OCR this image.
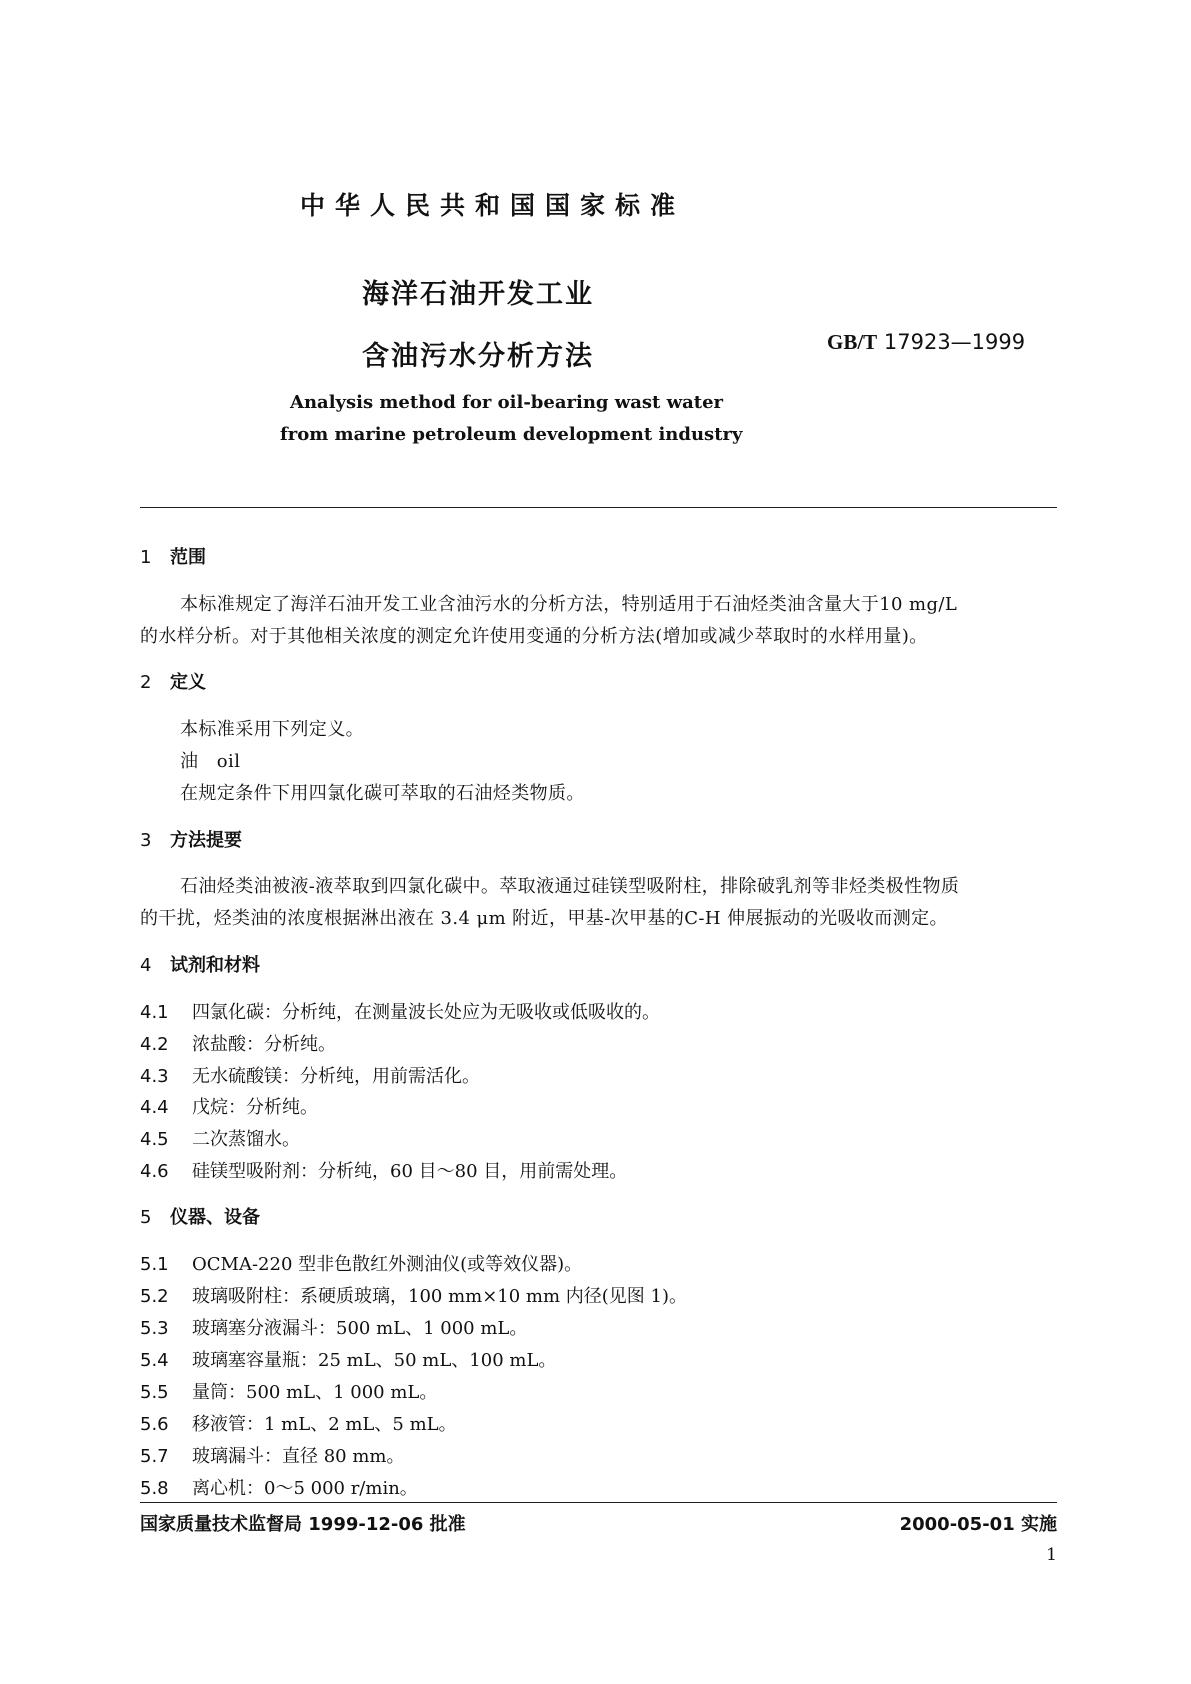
中华人民共和国国家标准
海洋石油开发工业
含油污水分析方法	GB/T 17923—1999
Analysis method for oil-bearing wast water
from marine petroleum development industry
1 范围
本标准规定了海洋石油开发工业含油污水的分析方法，特别适用于石油烃类油含量大于10 mg/L
的水样分析。对于其他相关浓度的测定允许使用变通的分析方法(增加或减少萃取时的水样用量)。
2 定义
本标准采用下列定义。
油　oil
在规定条件下用四氯化碳可萃取的石油烃类物质。
3 方法提要
石油烃类油被液-液萃取到四氯化碳中。萃取液通过硅镁型吸附柱，排除破乳剂等非烃类极性物质
的干扰，烃类油的浓度根据淋出液在 3.4 μm 附近，甲基-次甲基的C-H 伸展振动的光吸收而测定。
4 试剂和材料
4.1 四氯化碳：分析纯，在测量波长处应为无吸收或低吸收的。
4.2 浓盐酸：分析纯。
4.3 无水硫酸镁：分析纯，用前需活化。
4.4 戊烷：分析纯。
4.5 二次蒸馏水。
4.6 硅镁型吸附剂：分析纯，60 目～80 目，用前需处理。
5 仪器、设备
5.1 OCMA-220 型非色散红外测油仪(或等效仪器)。
5.2 玻璃吸附柱：系硬质玻璃，100 mm×10 mm 内径(见图 1)。
5.3 玻璃塞分液漏斗：500 mL、1 000 mL。
5.4 玻璃塞容量瓶：25 mL、50 mL、100 mL。
5.5 量筒：500 mL、1 000 mL。
5.6 移液管：1 mL、2 mL、5 mL。
5.7 玻璃漏斗：直径 80 mm。
5.8 离心机：0～5 000 r/min。
国家质量技术监督局 1999-12-06 批准	2000-05-01 实施
1
